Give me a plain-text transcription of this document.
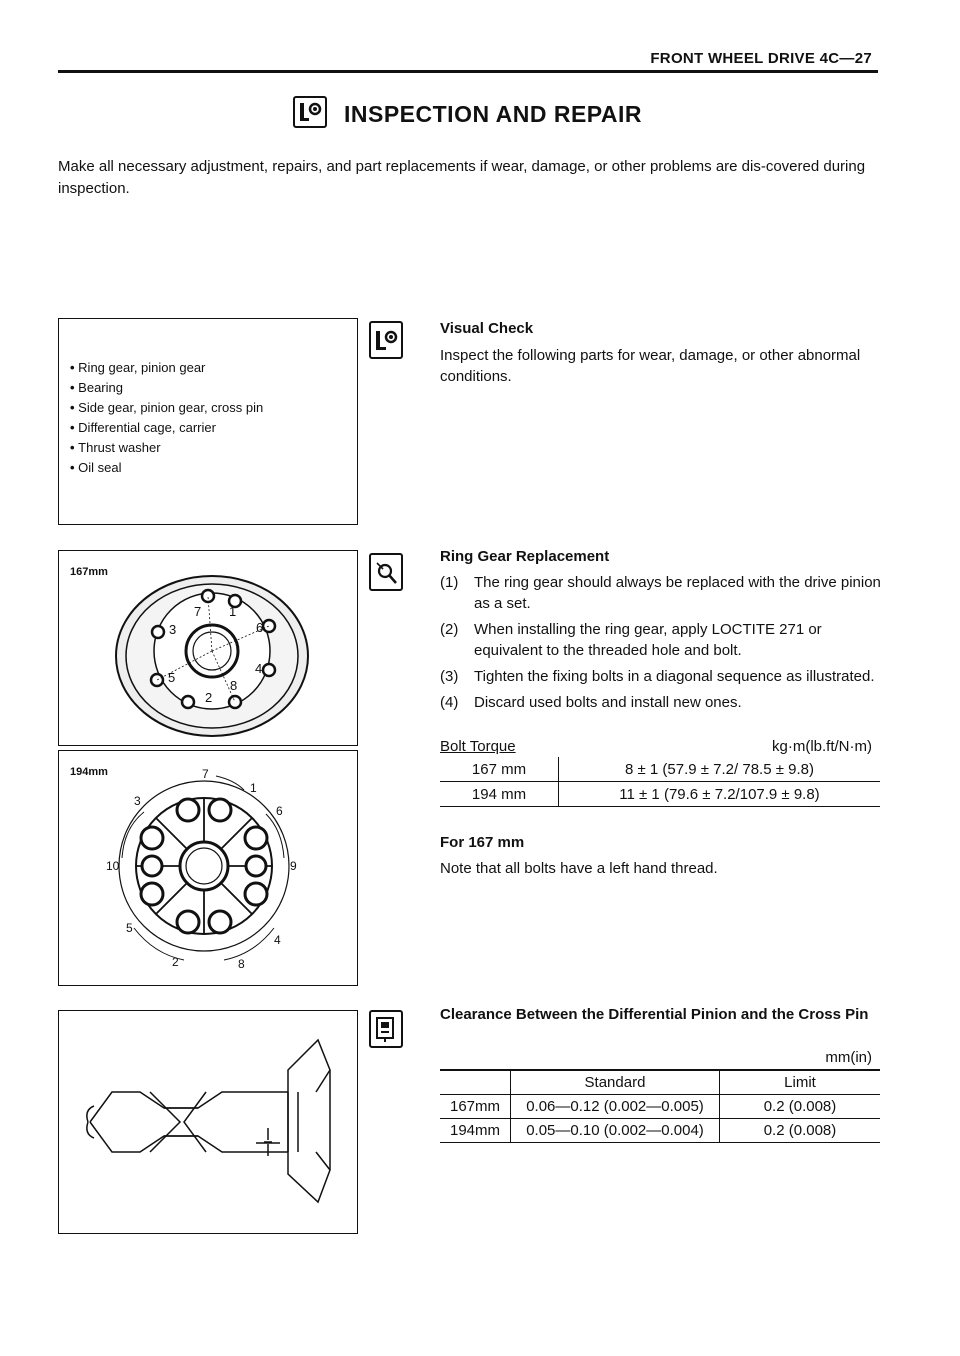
FRONT WHEEL DRIVE 4C—27
INSPECTION AND REPAIR
Make all necessary adjustment, repairs, and part replacements if wear, damage, or other problems are dis-covered during inspection.
• Ring gear, pinion gear
• Bearing
• Side gear, pinion gear, cross pin
• Differential cage, carrier
• Thrust washer
• Oil seal
Visual Check
Inspect the following parts for wear, damage, or other abnormal conditions.
167mm
1
2
3
4
5
6
7
8
194mm
1
2
3
4
5
6
7
8
9
10
Ring Gear Replacement
(1)	The ring gear should always be replaced with the drive pinion as a set.
(2)	When installing the ring gear, apply LOCTITE 271 or equivalent to the threaded hole and bolt.
(3)	Tighten the fixing bolts in a diagonal sequence as illustrated.
(4)	Discard used bolts and install new ones.
Bolt Torque	kg·m(lb.ft/N·m)
167 mm	8 ± 1 (57.9 ± 7.2/ 78.5 ± 9.8)
194 mm	11 ± 1 (79.6 ± 7.2/107.9 ± 9.8)
For 167 mm
Note that all bolts have a left hand thread.
Clearance Between the Differential Pinion and the Cross Pin
mm(in)
	Standard	Limit
167mm	0.06—0.12 (0.002—0.005)	0.2 (0.008)
194mm	0.05—0.10 (0.002—0.004)	0.2 (0.008)
